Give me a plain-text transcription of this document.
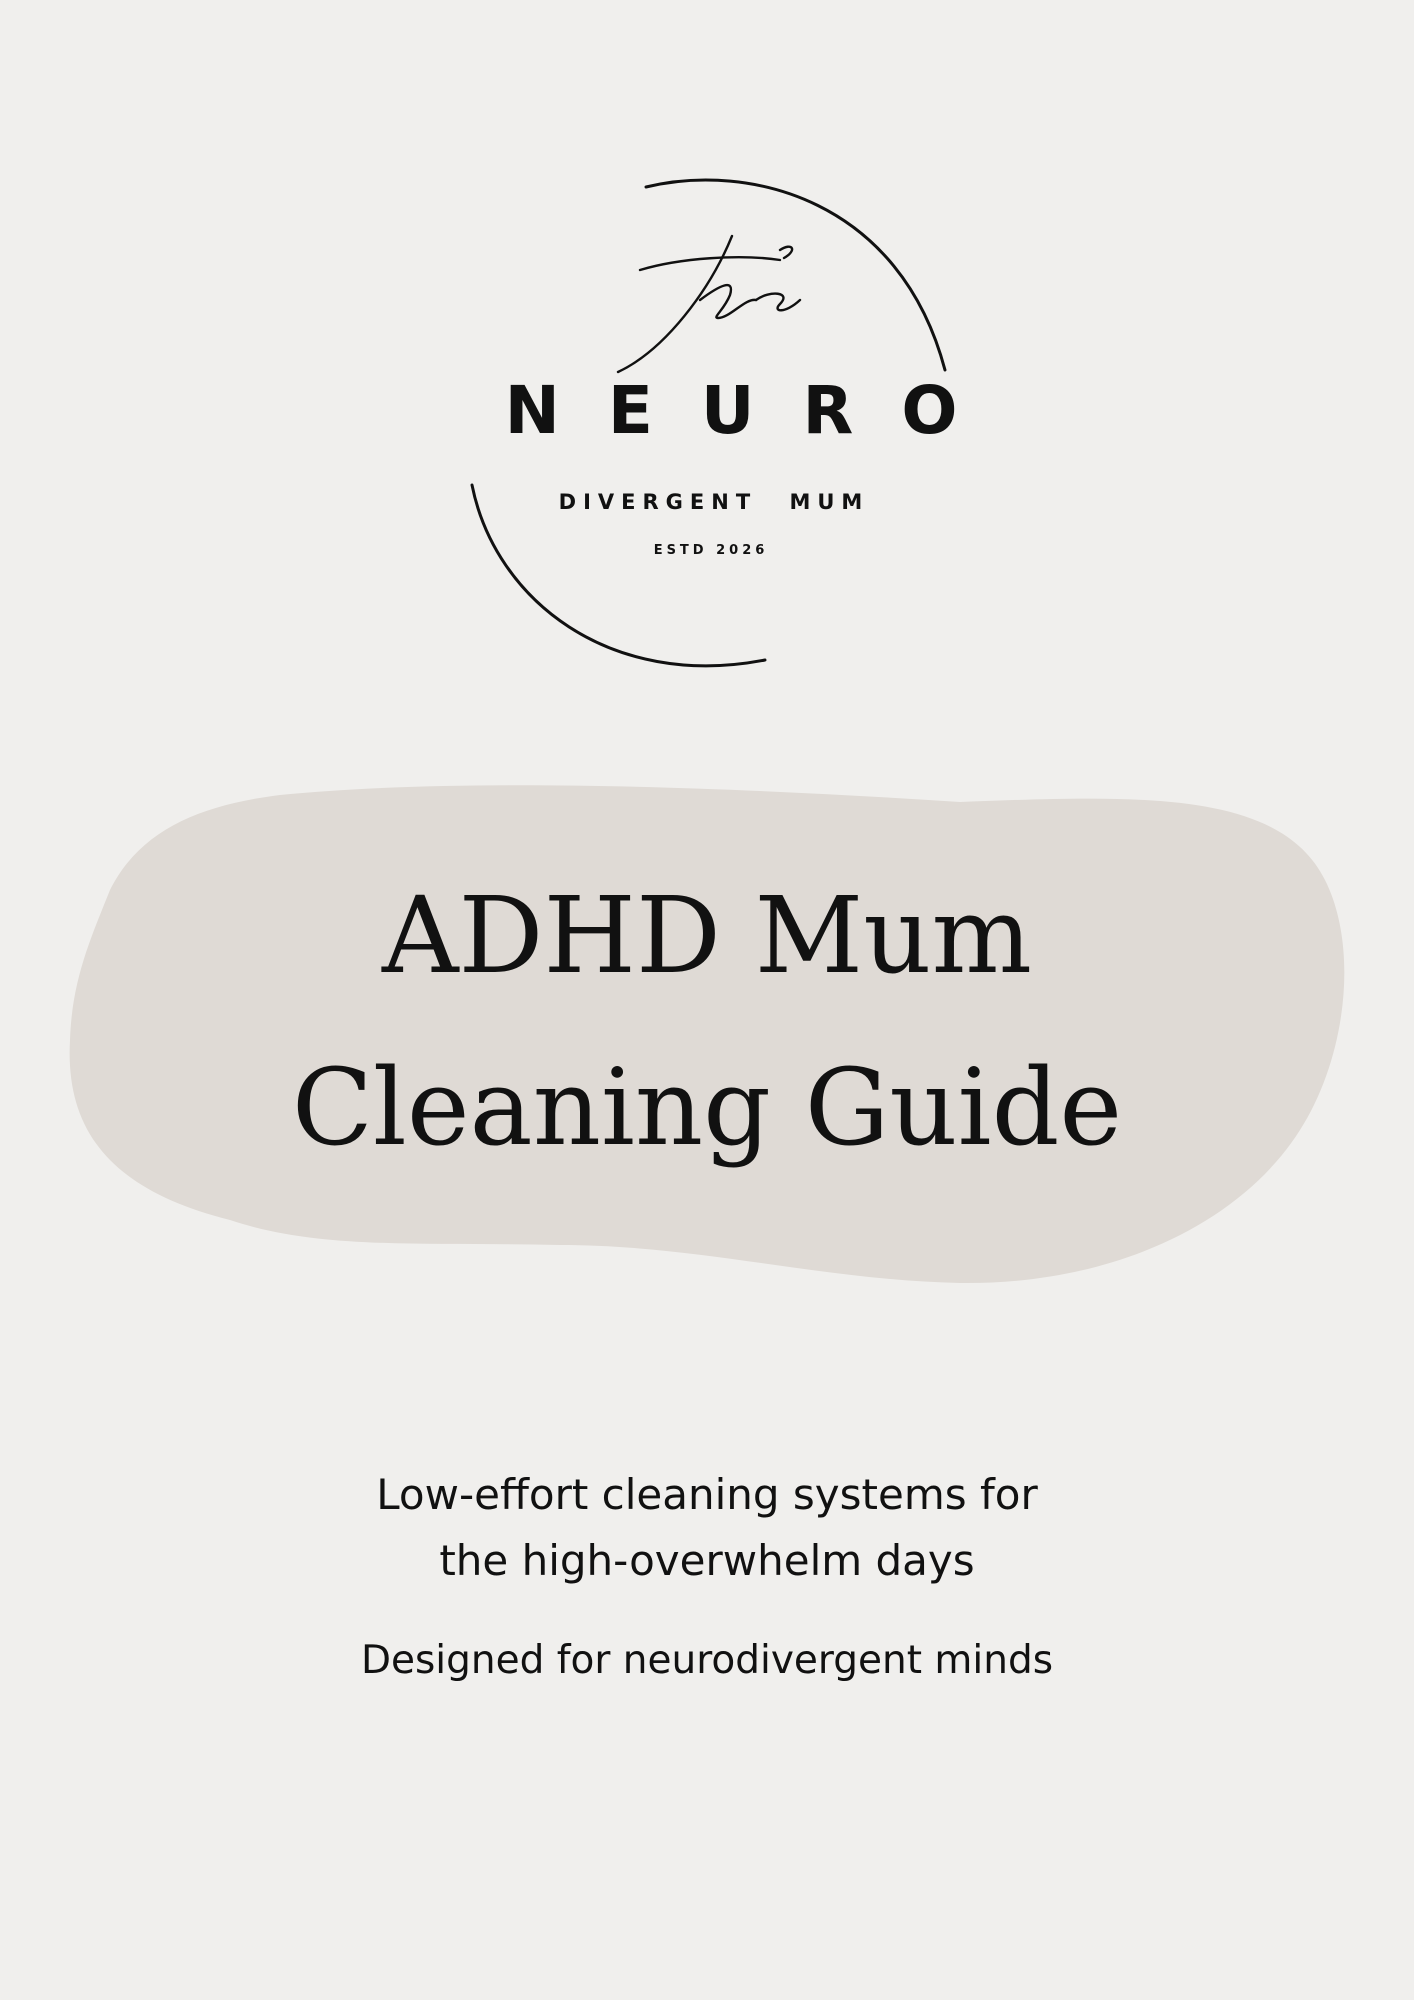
NEURO
DIVERGENT MUM
ESTD 2026
ADHD Mum
Cleaning Guide

Low-effort cleaning systems for
the high-overwhelm days

Designed for neurodivergent minds
